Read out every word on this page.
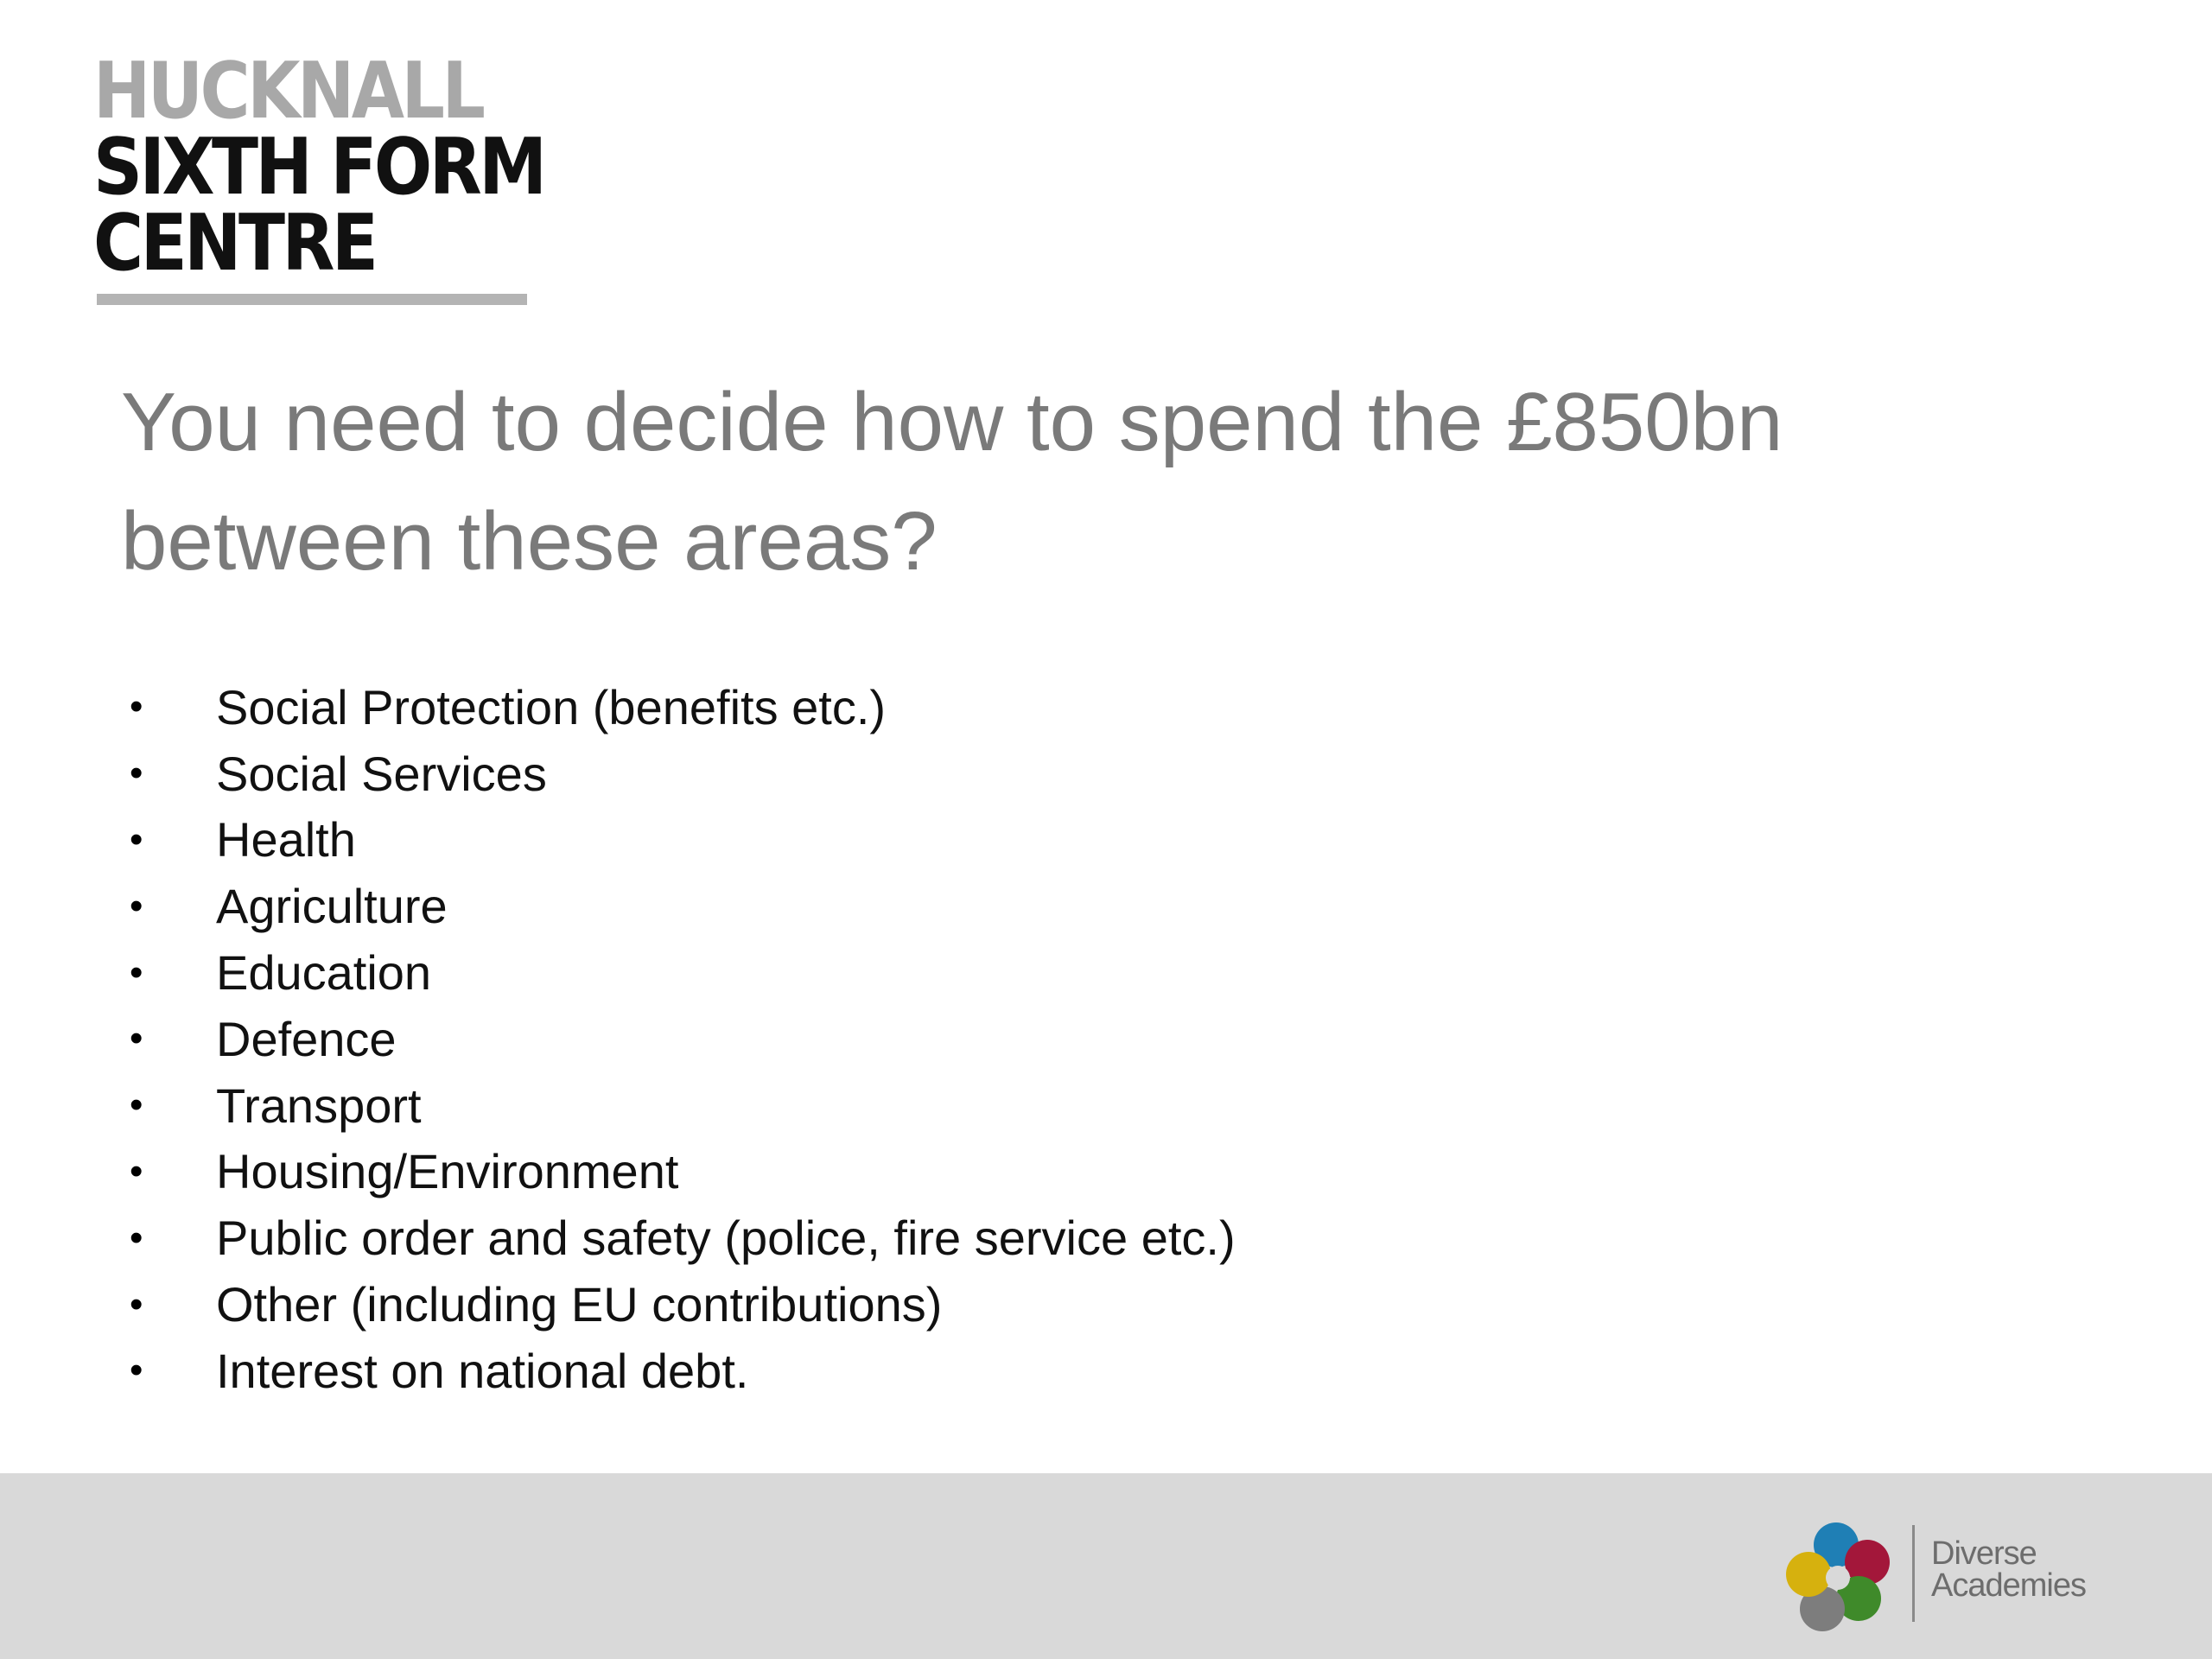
HUCKNALL
SIXTH FORM
CENTRE
You need to decide how to spend the £850bn
between these areas?
•	Social Protection (benefits etc.)
•	Social Services
•	Health
•	Agriculture
•	Education
•	Defence
•	Transport
•	Housing/Environment
•	Public order and safety (police, fire service etc.)
•	Other (including EU contributions)
•	Interest on national debt.
Diverse
Academies
